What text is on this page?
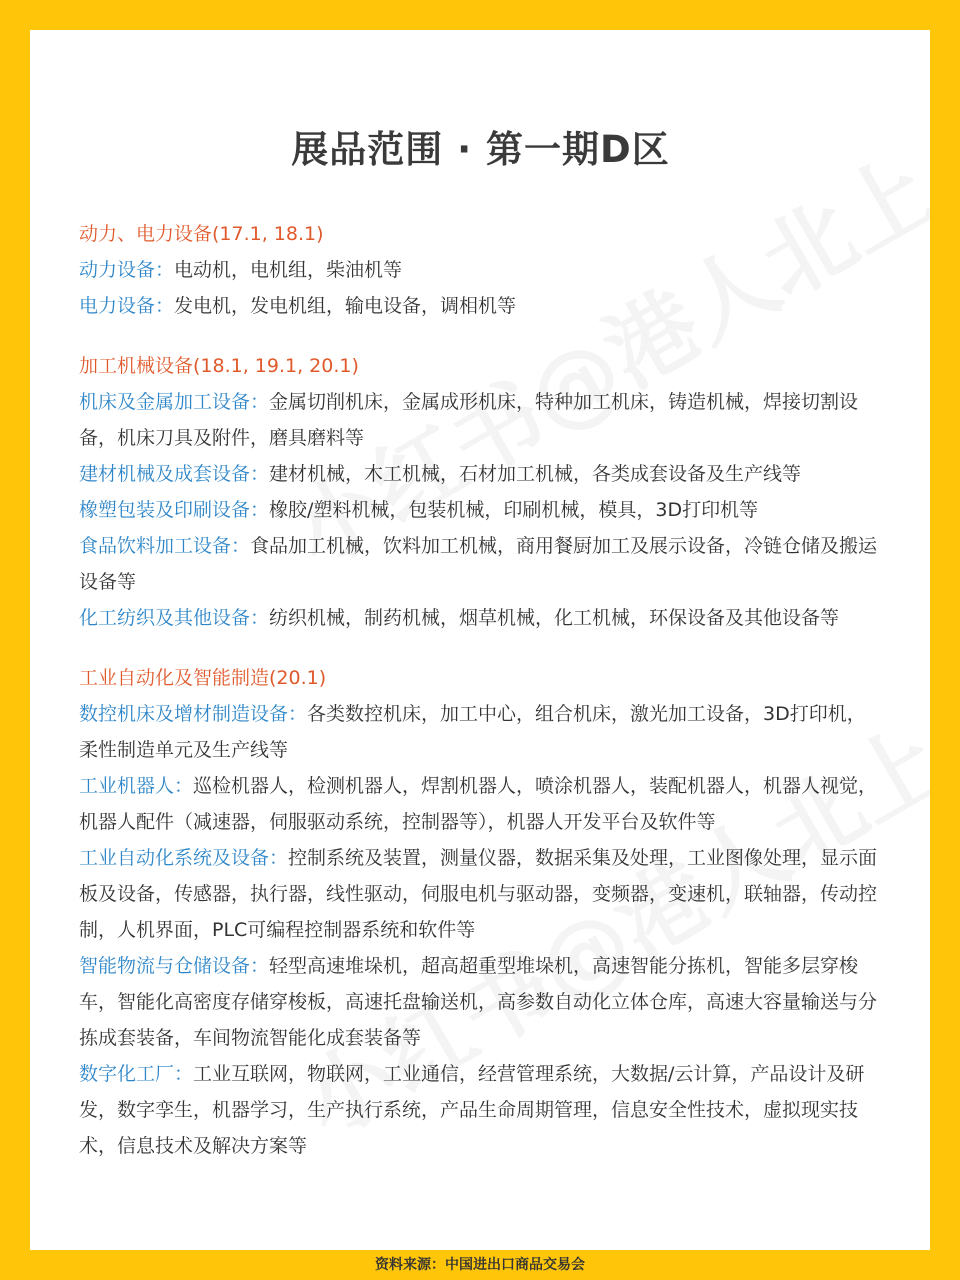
展品范围 · 第一期D区
动力、电力设备(17.1, 18.1)

动力设备：电动机，电机组，柴油机等

电力设备：发电机，发电机组，输电设备，调相机等

加工机械设备(18.1, 19.1, 20.1)

机床及金属加工设备：金属切削机床，金属成形机床，特种加工机床，铸造机械，焊接切割设备，机床刀具及附件，磨具磨料等

建材机械及成套设备：建材机械，木工机械，石材加工机械，各类成套设备及生产线等

橡塑包装及印刷设备：橡胶/塑料机械，包装机械，印刷机械，模具，3D打印机等

食品饮料加工设备：食品加工机械，饮料加工机械，商用餐厨加工及展示设备，冷链仓储及搬运设备等

化工纺织及其他设备：纺织机械，制药机械，烟草机械，化工机械，环保设备及其他设备等

工业自动化及智能制造(20.1)

数控机床及增材制造设备：各类数控机床，加工中心，组合机床，激光加工设备，3D打印机，柔性制造单元及生产线等

工业机器人：巡检机器人，检测机器人，焊割机器人，喷涂机器人，装配机器人，机器人视觉，机器人配件（减速器，伺服驱动系统，控制器等），机器人开发平台及软件等

工业自动化系统及设备：控制系统及装置，测量仪器，数据采集及处理，工业图像处理，显示面板及设备，传感器，执行器，线性驱动，伺服电机与驱动器，变频器，变速机，联轴器，传动控制，人机界面，PLC可编程控制器系统和软件等

智能物流与仓储设备：轻型高速堆垛机，超高超重型堆垛机，高速智能分拣机，智能多层穿梭车，智能化高密度存储穿梭板，高速托盘输送机，高参数自动化立体仓库，高速大容量输送与分拣成套装备，车间物流智能化成套装备等

数字化工厂：工业互联网，物联网，工业通信，经营管理系统，大数据/云计算，产品设计及研发，数字孪生，机器学习，生产执行系统，产品生命周期管理，信息安全性技术，虚拟现实技术，信息技术及解决方案等

资料来源：中国进出口商品交易会
